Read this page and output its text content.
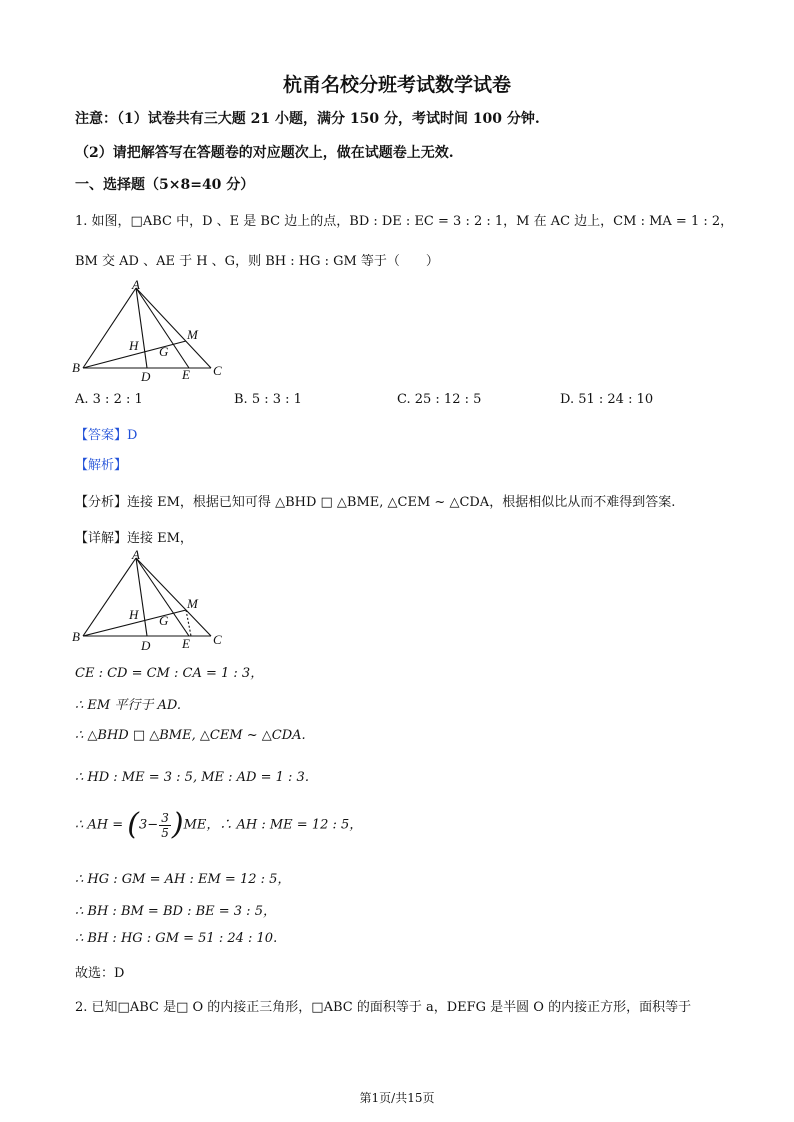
杭甬名校分班考试数学试卷
注意：（1）试卷共有三大题 21 小题，满分 150 分，考试时间 100 分钟.
（2）请把解答写在答题卷的对应题次上，做在试题卷上无效.
一、选择题（5×8=40 分）
1. 如图，□ABC 中，D 、E 是 BC 边上的点，BD : DE : EC = 3 : 2 : 1，M 在 AC 边上，CM : MA = 1 : 2，
BM 交 AD 、AE 于 H 、G，则 BH : HG : GM 等于（　　）
A
B	C
D E
M
H G
A. 3 : 2 : 1	B. 5 : 3 : 1	C. 25 : 12 : 5	D. 51 : 24 : 10
【答案】D
【解析】
【分析】连接 EM，根据已知可得 △BHD □ △BME, △CEM ~ △CDA，根据相似比从而不难得到答案.
【详解】连接 EM，
A
B	C
D E
M
H G
CE : CD = CM : CA = 1 : 3，
∴ EM 平行于 AD.
∴ △BHD □ △BME, △CEM ~ △CDA.
∴ HD : ME = 3 : 5, ME : AD = 1 : 3.
∴ AH = $(3- \frac{3}{5} )ME$，∴ AH : ME = 12 : 5，
∴ HG : GM = AH : EM = 12 : 5，
∴ BH : BM = BD : BE = 3 : 5，
∴ BH : HG : GM = 51 : 24 : 10.
故选：D
2. 已知□ABC 是□ O 的内接正三角形，□ABC 的面积等于 a，DEFG 是半圆 O 的内接正方形，面积等于
第1页/共15页
